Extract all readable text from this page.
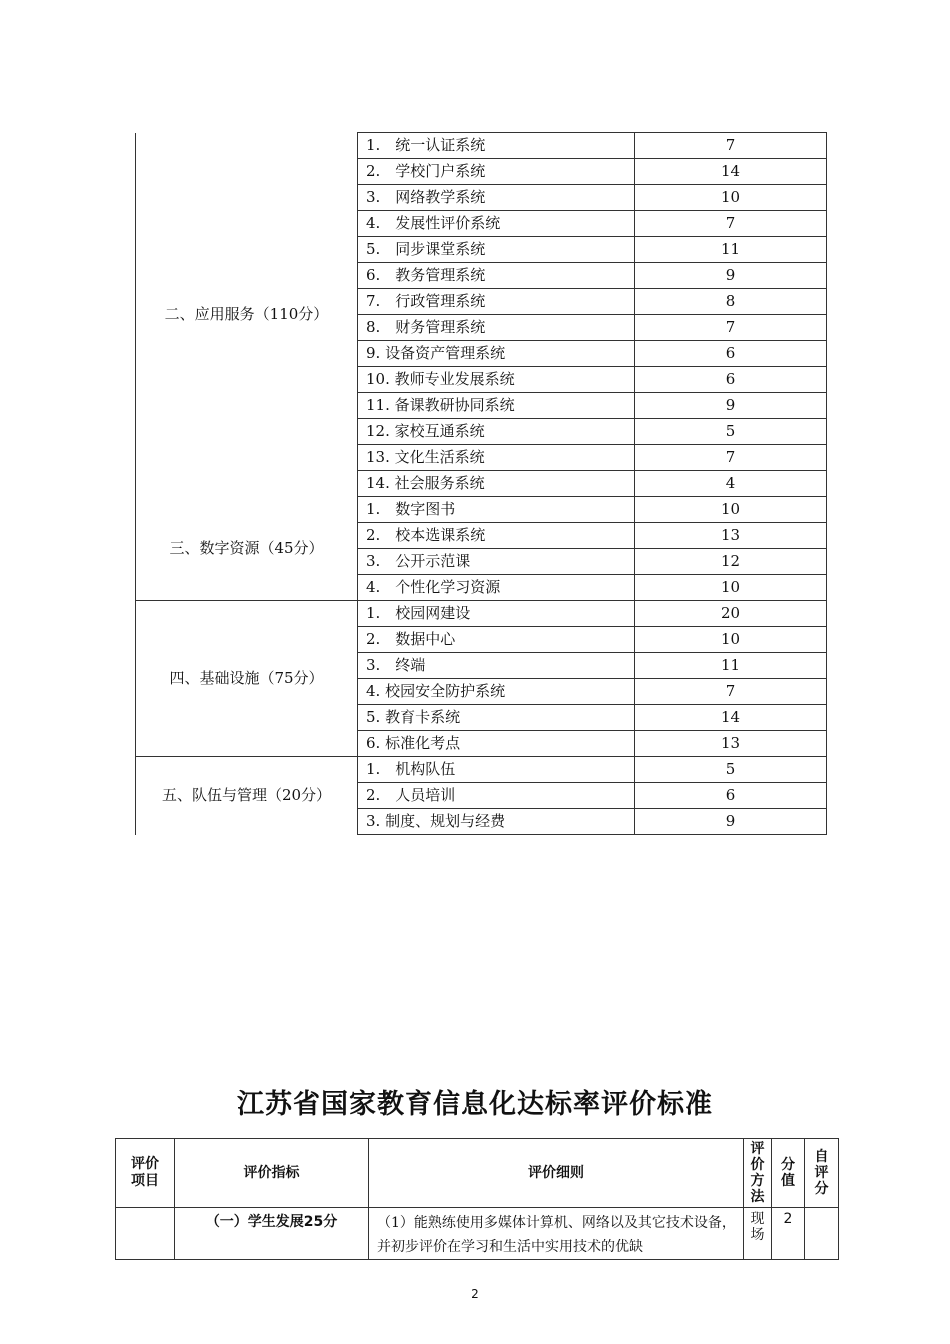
二、应用服务（110分）	1.　统一认证系统	7
	2.　学校门户系统	14
	3.　网络教学系统	10
	4.　发展性评价系统	7
	5.　同步课堂系统	11
	6.　教务管理系统	9
	7.　行政管理系统	8
	8.　财务管理系统	7
	9. 设备资产管理系统	6
	10. 教师专业发展系统	6
	11. 备课教研协同系统	9
	12. 家校互通系统	5
	13. 文化生活系统	7
	14. 社会服务系统	4
三、数字资源（45分）	1.　数字图书	10
	2.　校本选课系统	13
	3.　公开示范课	12
	4.　个性化学习资源	10
四、基础设施（75分）	1.　校园网建设	20
	2.　数据中心	10
	3.　终端	11
	4. 校园安全防护系统	7
	5. 教育卡系统	14
	6. 标准化考点	13
五、队伍与管理（20分）	1.　机构队伍	5
	2.　人员培训	6
	3. 制度、规划与经费	9
江苏省国家教育信息化达标率评价标准
评价项目	评价指标	评价细则	评价方法	分值	自评分
	（一）学生发展25分	（1）能熟练使用多媒体计算机、网络以及其它技术设备，并初步评价在学习和生活中实用技术的优缺	现场	2	
2
